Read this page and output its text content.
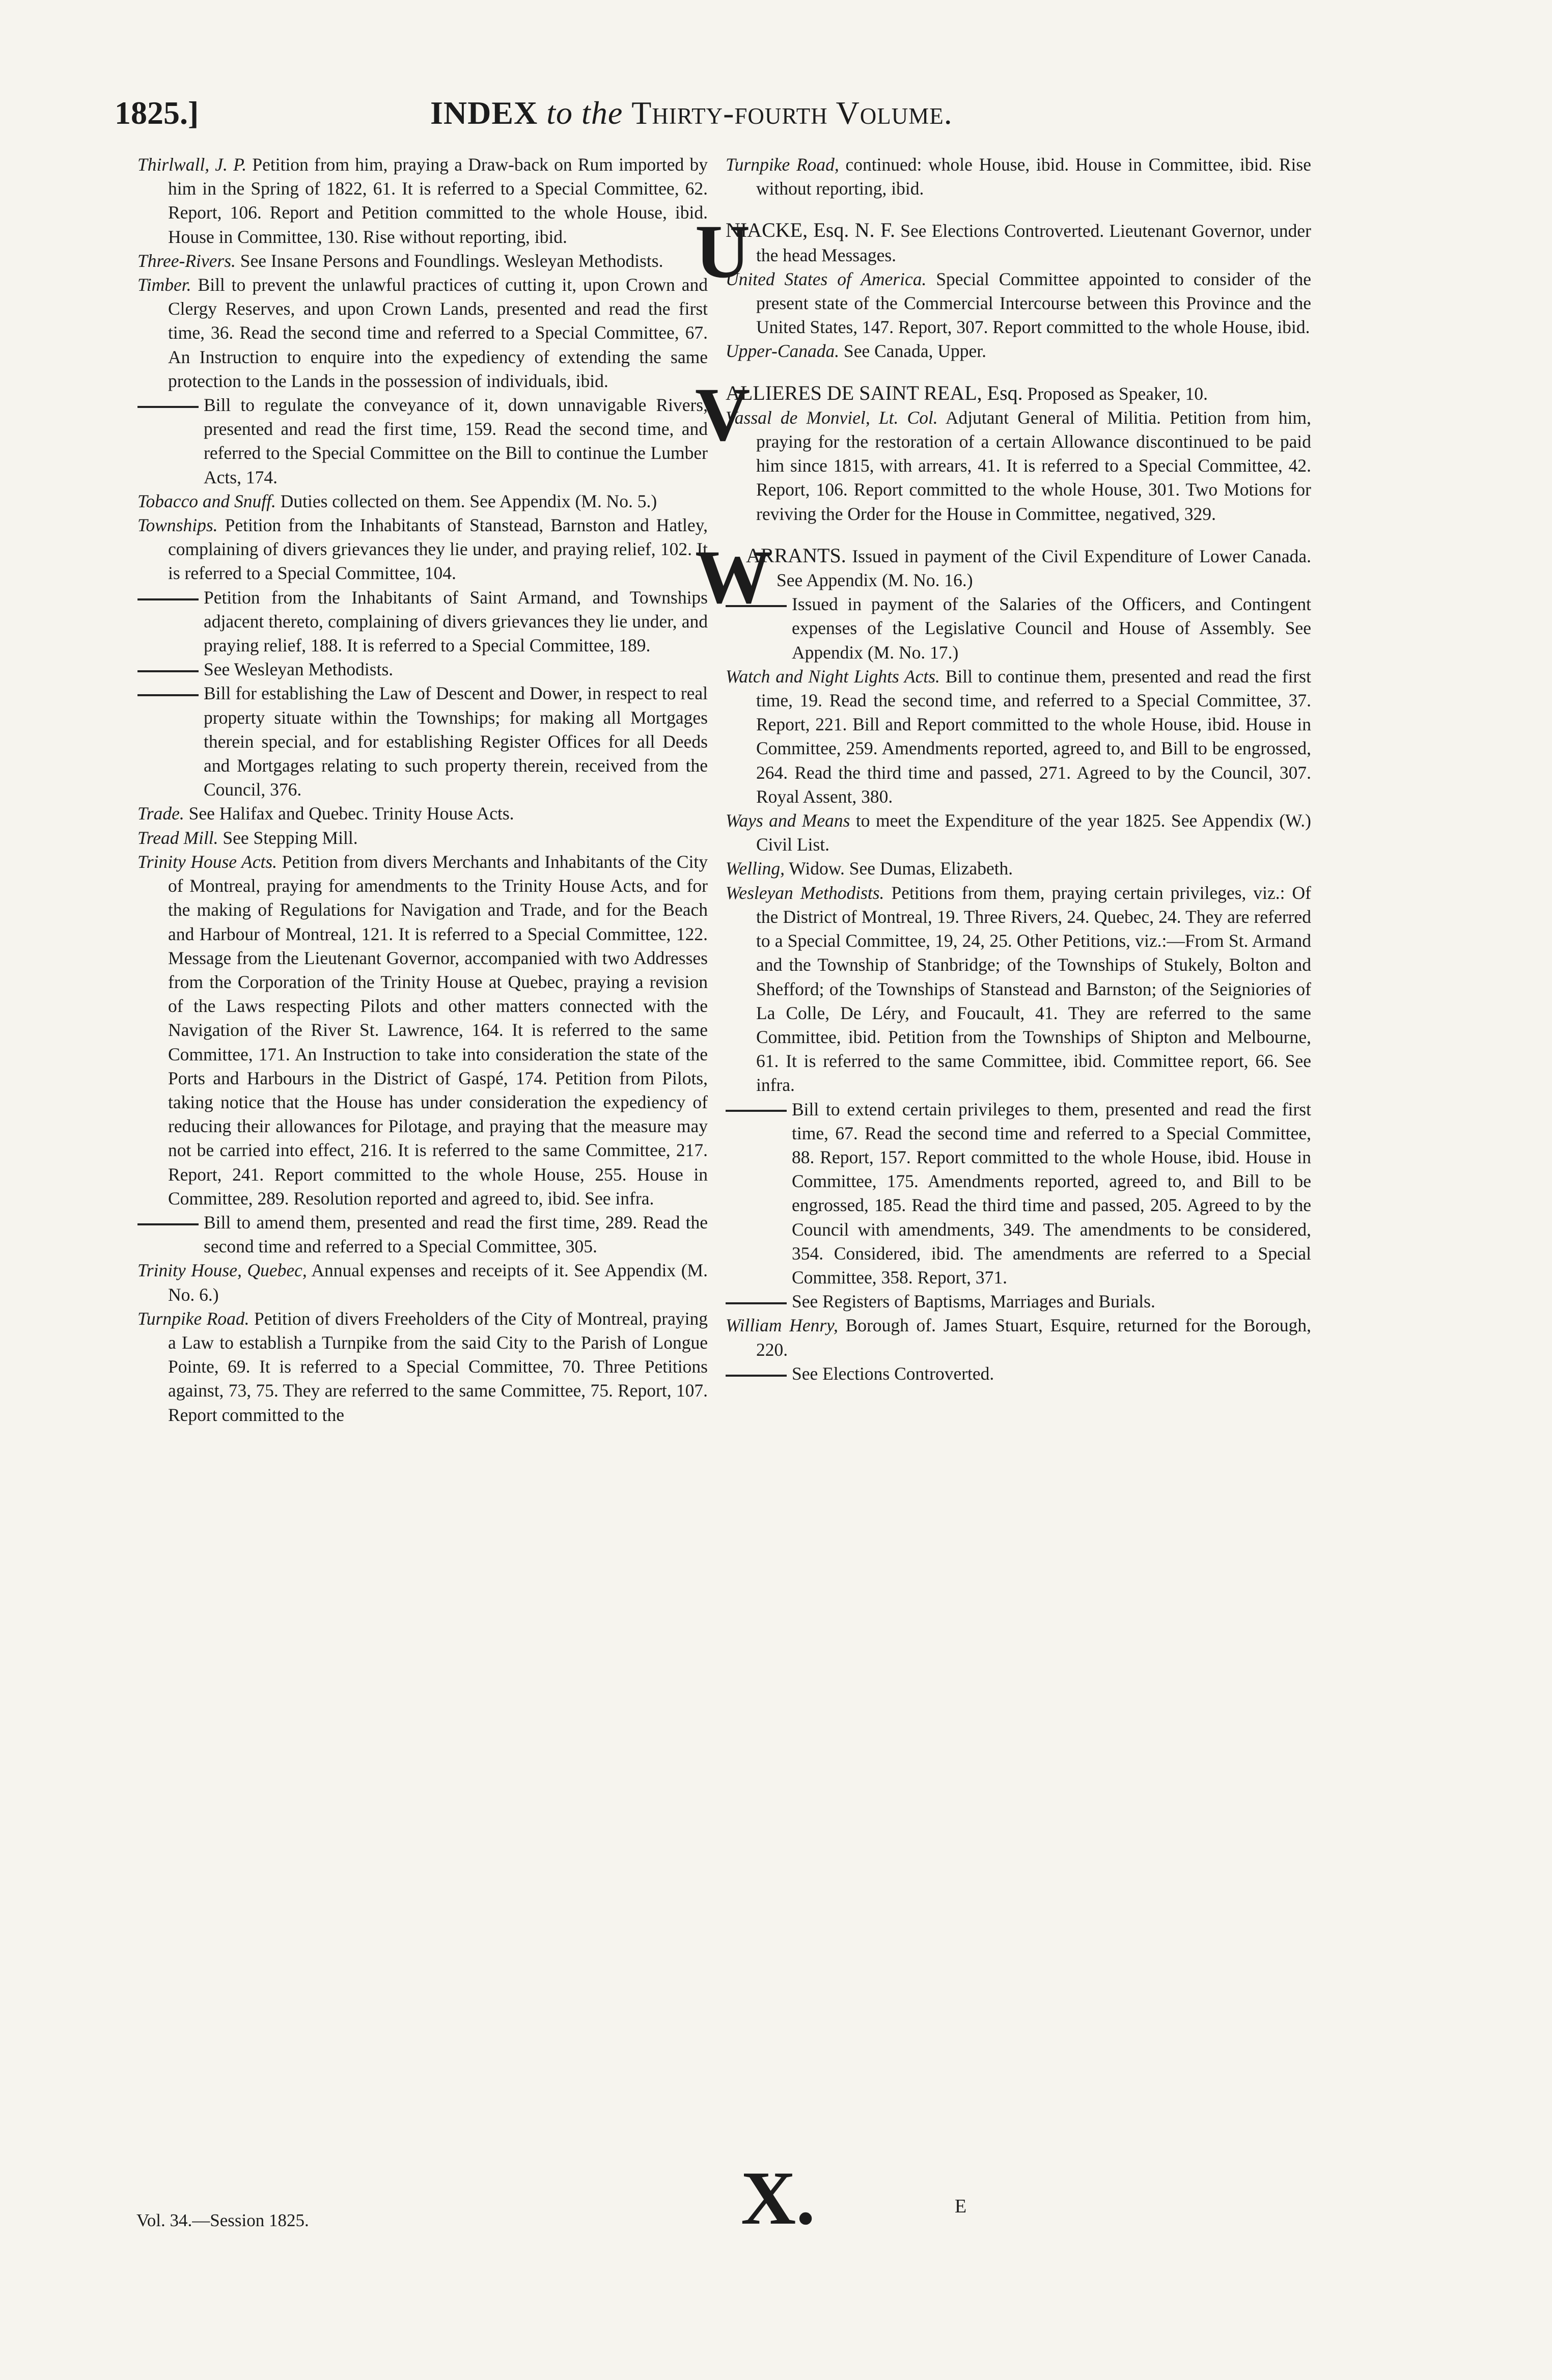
1825.]	INDEX to the Thirty-fourth Volume.

Thirlwall, J. P. Petition from him, praying a Draw-back on Rum imported by him in the Spring of 1822, 61. It is referred to a Special Committee, 62. Report, 106. Report and Petition committed to the whole House, ibid. House in Committee, 130. Rise without reporting, ibid.

Three-Rivers. See Insane Persons and Foundlings. Wesleyan Methodists.

Timber. Bill to prevent the unlawful practices of cutting it, upon Crown and Clergy Reserves, and upon Crown Lands, presented and read the first time, 36. Read the second time and referred to a Special Committee, 67. An Instruction to enquire into the expediency of extending the same protection to the Lands in the possession of individuals, ibid.

Bill to regulate the conveyance of it, down unnavigable Rivers, presented and read the first time, 159. Read the second time, and referred to the Special Committee on the Bill to continue the Lumber Acts, 174.

Tobacco and Snuff. Duties collected on them. See Appendix (M. No. 5.)

Townships. Petition from the Inhabitants of Stanstead, Barnston and Hatley, complaining of divers grievances they lie under, and praying relief, 102. It is referred to a Special Committee, 104.

Petition from the Inhabitants of Saint Armand, and Townships adjacent thereto, complaining of divers grievances they lie under, and praying relief, 188. It is referred to a Special Committee, 189.

See Wesleyan Methodists.

Bill for establishing the Law of Descent and Dower, in respect to real property situate within the Townships; for making all Mortgages therein special, and for establishing Register Offices for all Deeds and Mortgages relating to such property therein, received from the Council, 376.

Trade. See Halifax and Quebec. Trinity House Acts.

Tread Mill. See Stepping Mill.

Trinity House Acts. Petition from divers Merchants and Inhabitants of the City of Montreal, praying for amendments to the Trinity House Acts, and for the making of Regulations for Navigation and Trade, and for the Beach and Harbour of Montreal, 121. It is referred to a Special Committee, 122. Message from the Lieutenant Governor, accompanied with two Addresses from the Corporation of the Trinity House at Quebec, praying a revision of the Laws respecting Pilots and other matters connected with the Navigation of the River St. Lawrence, 164. It is referred to the same Committee, 171. An Instruction to take into consideration the state of the Ports and Harbours in the District of Gaspé, 174. Petition from Pilots, taking notice that the House has under consideration the expediency of reducing their allowances for Pilotage, and praying that the measure may not be carried into effect, 216. It is referred to the same Committee, 217. Report, 241. Report committed to the whole House, 255. House in Committee, 289. Resolution reported and agreed to, ibid. See infra.

Bill to amend them, presented and read the first time, 289. Read the second time and referred to a Special Committee, 305.

Trinity House, Quebec, Annual expenses and receipts of it. See Appendix (M. No. 6.)

Turnpike Road. Petition of divers Freeholders of the City of Montreal, praying a Law to establish a Turnpike from the said City to the Parish of Longue Pointe, 69. It is referred to a Special Committee, 70. Three Petitions against, 73, 75. They are referred to the same Committee, 75. Report, 107. Report committed to the

Turnpike Road, continued: whole House, ibid. House in Committee, ibid. Rise without reporting, ibid.

U
NIACKE, Esq. N. F. See Elections Controverted. Lieutenant Governor, under the head Messages.

United States of America. Special Committee appointed to consider of the present state of the Commercial Intercourse between this Province and the United States, 147. Report, 307. Report committed to the whole House, ibid.

Upper-Canada. See Canada, Upper.

V
ALLIERES DE SAINT REAL, Esq. Proposed as Speaker, 10.

Vassal de Monviel, Lt. Col. Adjutant General of Militia. Petition from him, praying for the restoration of a certain Allowance discontinued to be paid him since 1815, with arrears, 41. It is referred to a Special Committee, 42. Report, 106. Report committed to the whole House, 301. Two Motions for reviving the Order for the House in Committee, negatived, 329.

W
ARRANTS. Issued in payment of the Civil Expenditure of Lower Canada. See Appendix (M. No. 16.)

Issued in payment of the Salaries of the Officers, and Contingent expenses of the Legislative Council and House of Assembly. See Appendix (M. No. 17.)

Watch and Night Lights Acts. Bill to continue them, presented and read the first time, 19. Read the second time, and referred to a Special Committee, 37. Report, 221. Bill and Report committed to the whole House, ibid. House in Committee, 259. Amendments reported, agreed to, and Bill to be engrossed, 264. Read the third time and passed, 271. Agreed to by the Council, 307. Royal Assent, 380.

Ways and Means to meet the Expenditure of the year 1825. See Appendix (W.) Civil List.

Welling, Widow. See Dumas, Elizabeth.

Wesleyan Methodists. Petitions from them, praying certain privileges, viz.: Of the District of Montreal, 19. Three Rivers, 24. Quebec, 24. They are referred to a Special Committee, 19, 24, 25. Other Petitions, viz.:—From St. Armand and the Township of Stanbridge; of the Townships of Stukely, Bolton and Shefford; of the Townships of Stanstead and Barnston; of the Seigniories of La Colle, De Léry, and Foucault, 41. They are referred to the same Committee, ibid. Petition from the Townships of Shipton and Melbourne, 61. It is referred to the same Committee, ibid. Committee report, 66. See infra.

Bill to extend certain privileges to them, presented and read the first time, 67. Read the second time and referred to a Special Committee, 88. Report, 157. Report committed to the whole House, ibid. House in Committee, 175. Amendments reported, agreed to, and Bill to be engrossed, 185. Read the third time and passed, 205. Agreed to by the Council with amendments, 349. The amendments to be considered, 354. Considered, ibid. The amendments are referred to a Special Committee, 358. Report, 371.

See Registers of Baptisms, Marriages and Burials.

William Henry, Borough of. James Stuart, Esquire, returned for the Borough, 220.

See Elections Controverted.

Vol. 34.—Session 1825.	X.	E
